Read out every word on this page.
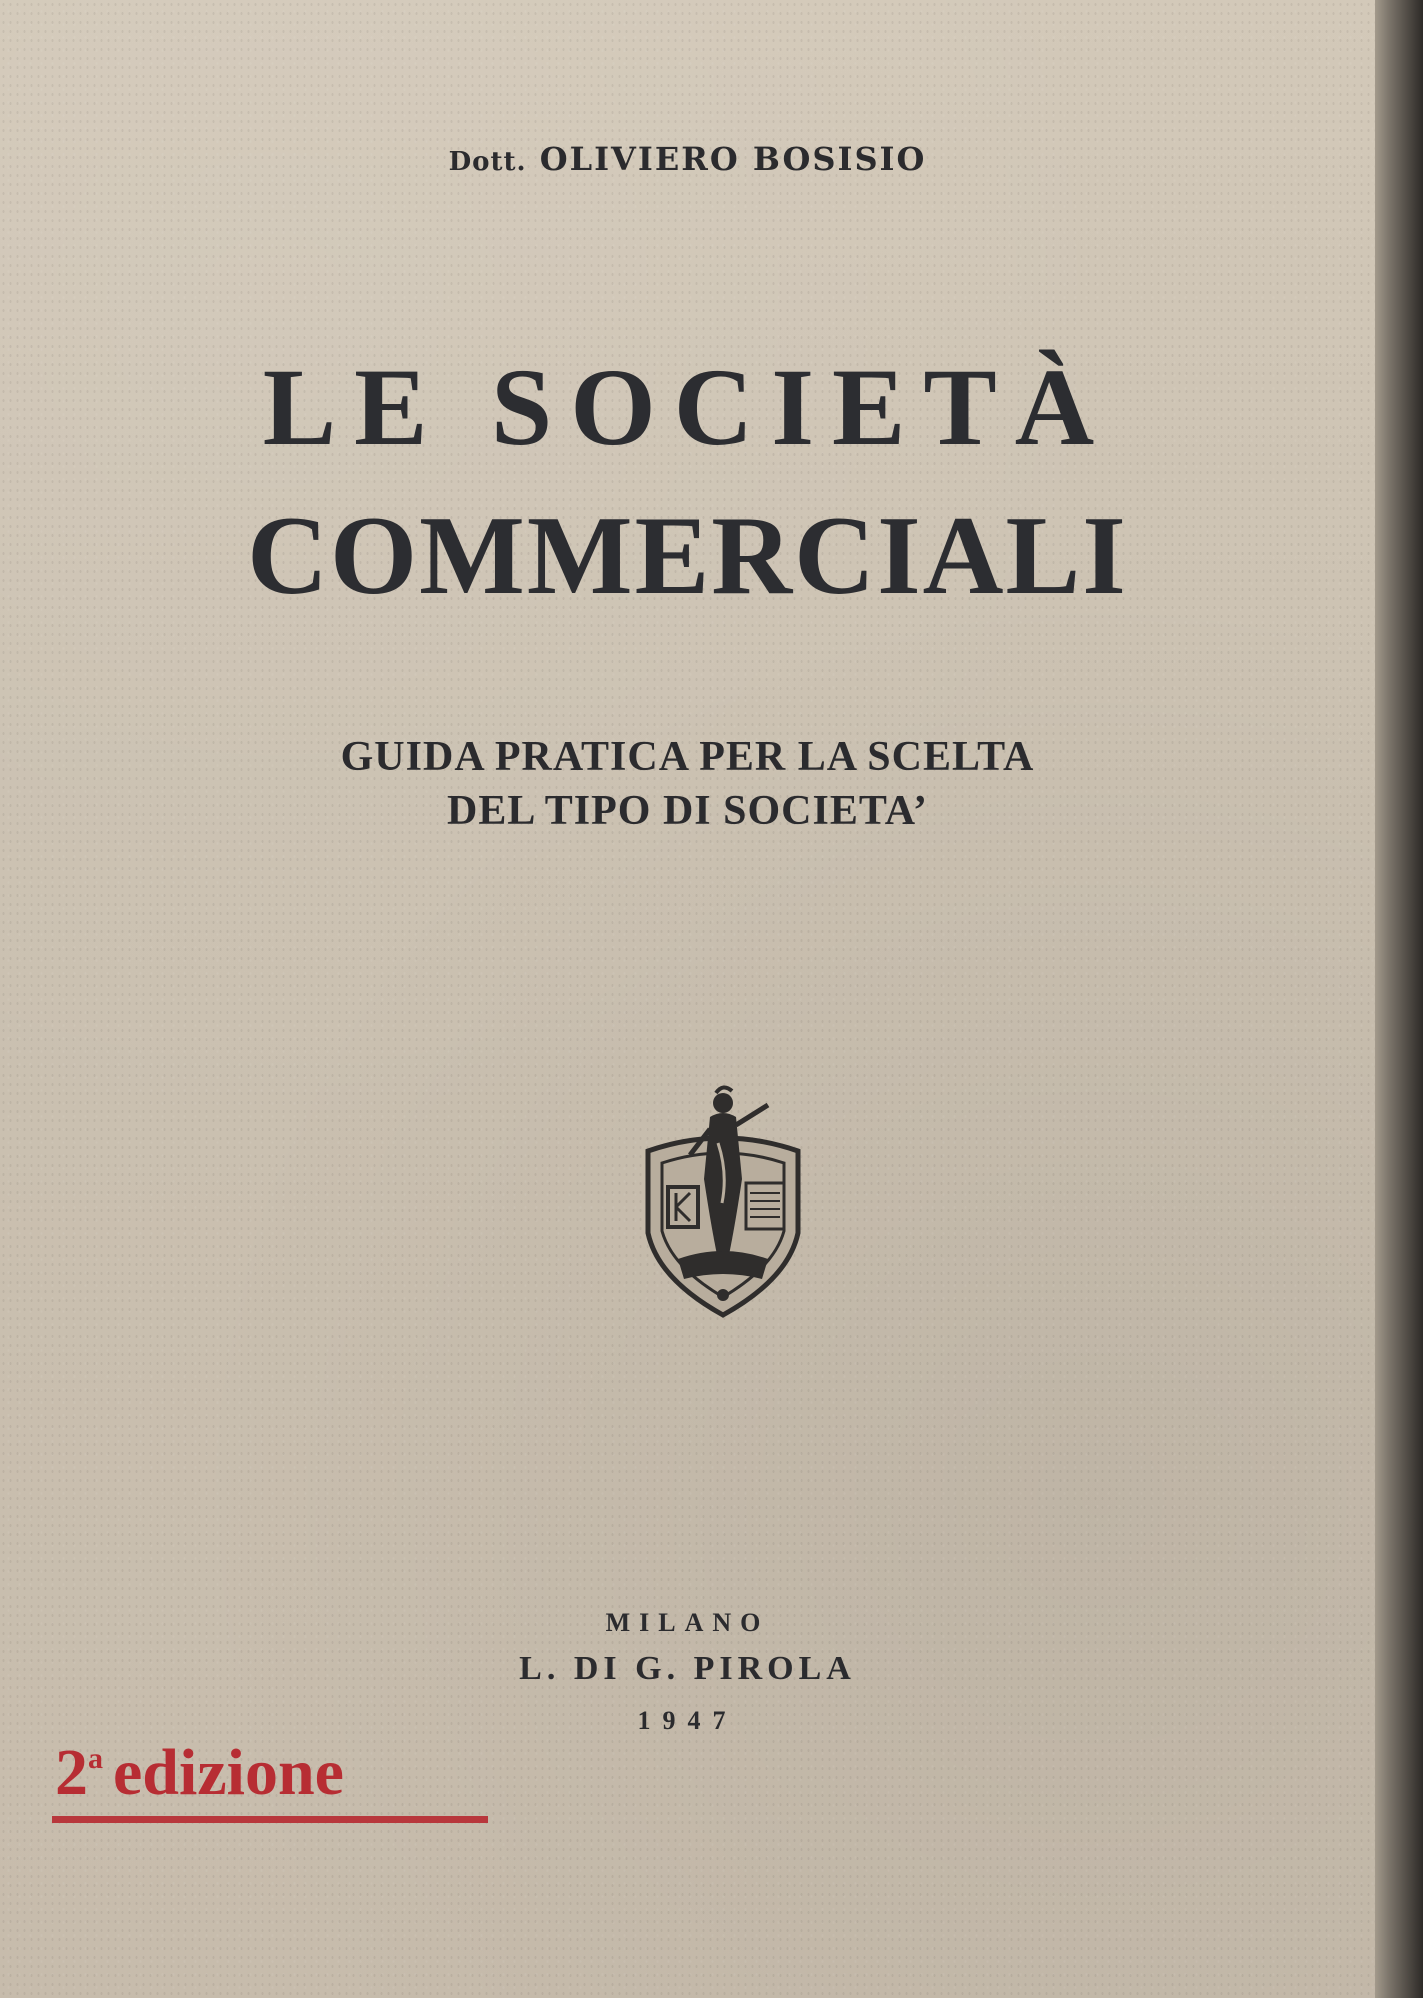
Dott. OLIVIERO BOSISIO

LE SOCIETÀ

COMMERCIALI

GUIDA PRATICA PER LA SCELTA
DEL TIPO DI SOCIETA’

MILANO

L. DI G. PIROLA

1947

2$^a$ edizione
